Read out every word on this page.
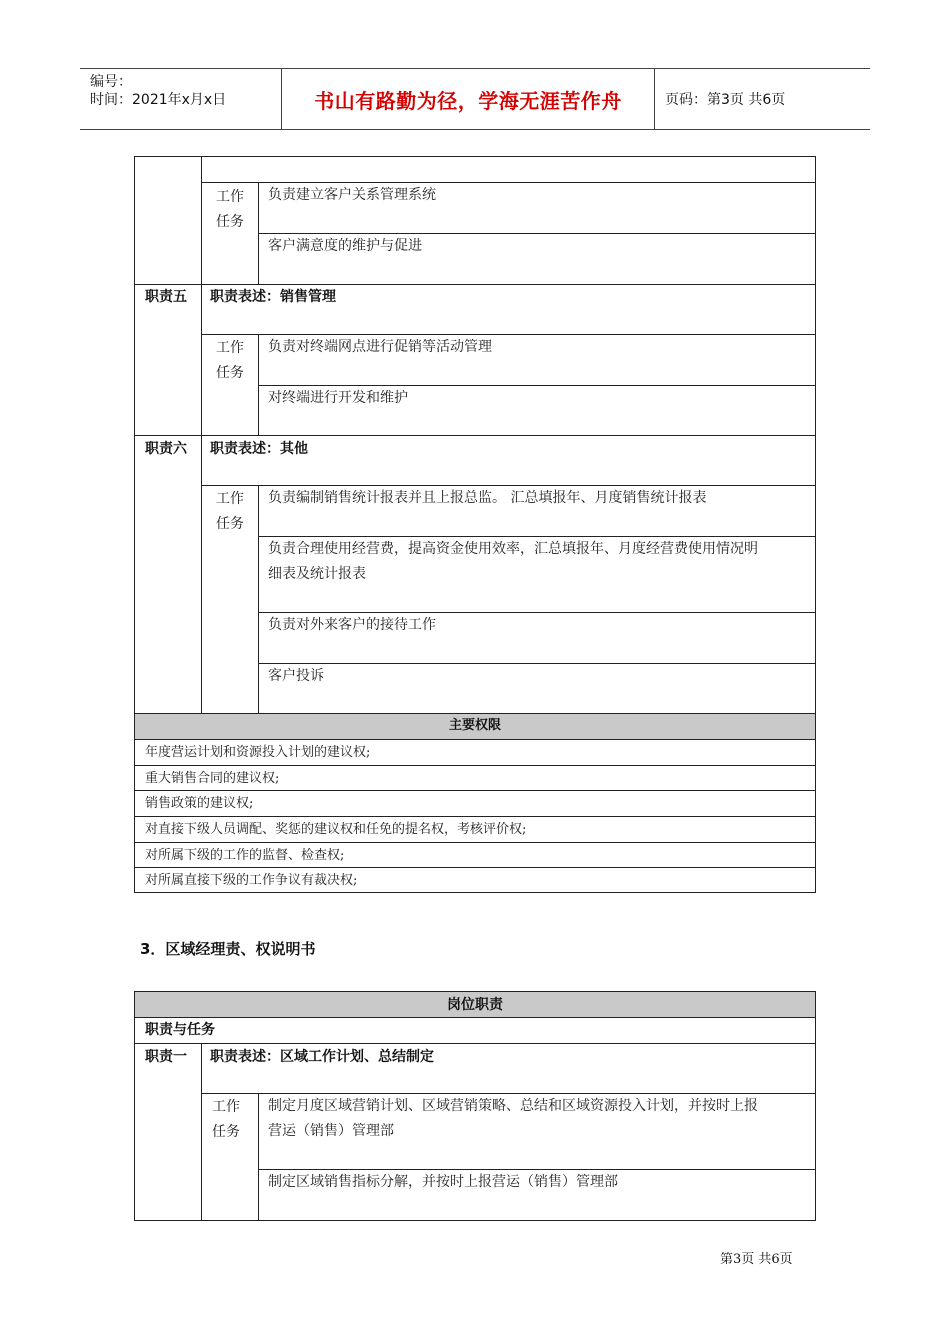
编号：
时间：2021年x月x日	书山有路勤为径，学海无涯苦作舟	页码：第3页 共6页
工作任务
负责建立客户关系管理系统
客户满意度的维护与促进
职责五 职责表述：销售管理
工作任务
负责对终端网点进行促销等活动管理
对终端进行开发和维护
职责六 职责表述：其他
工作任务
负责编制销售统计报表并且上报总监。 汇总填报年、月度销售统计报表
负责合理使用经营费，提高资金使用效率，汇总填报年、月度经营费使用情况明
细表及统计报表
负责对外来客户的接待工作
客户投诉
主要权限
年度营运计划和资源投入计划的建议权;
重大销售合同的建议权;
销售政策的建议权;
对直接下级人员调配、奖惩的建议权和任免的提名权，考核评价权;
对所属下级的工作的监督、检查权;
对所属直接下级的工作争议有裁决权;
3．区域经理责、权说明书
岗位职责
职责与任务
职责一 职责表述：区域工作计划、总结制定
工作任务
制定月度区域营销计划、区域营销策略、总结和区域资源投入计划，并按时上报
营运（销售）管理部
制定区域销售指标分解，并按时上报营运（销售）管理部
第3页 共6页
